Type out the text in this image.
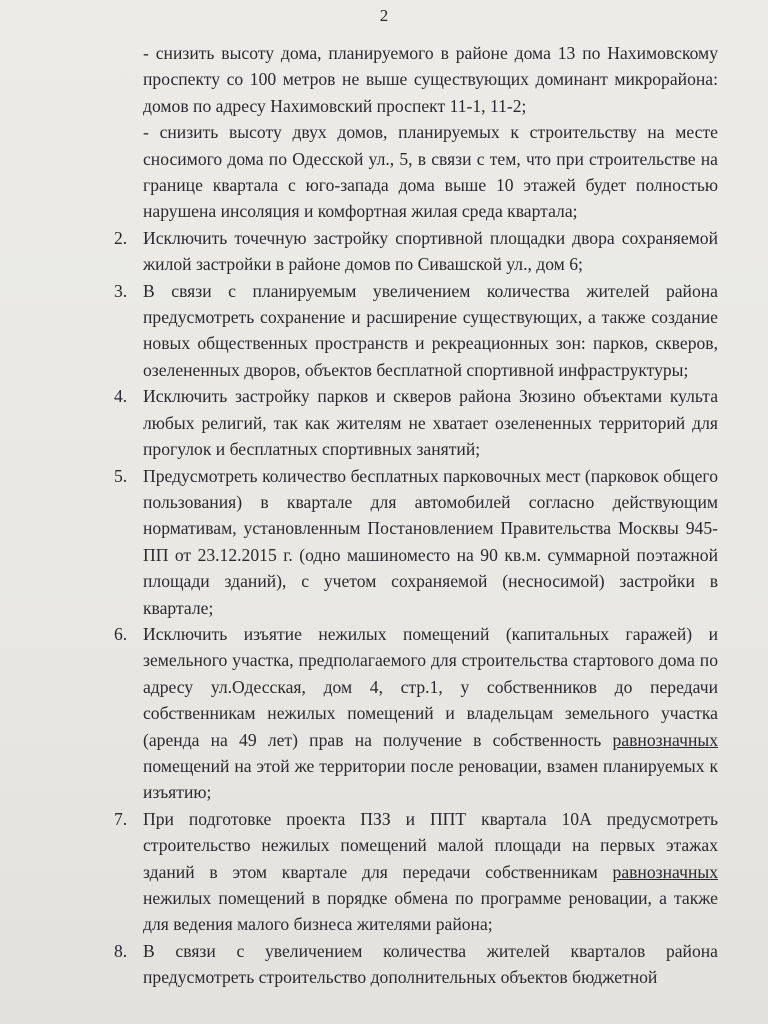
2

- снизить высоту дома, планируемого в районе дома 13 по Нахимовскому проспекту со 100 метров не выше существующих доминант микрорайона: домов по адресу Нахимовский проспект 11-1, 11-2;

- снизить высоту двух домов, планируемых к строительству на месте сносимого дома по Одесской ул., 5, в связи с тем, что при строительстве на границе квартала с юго-запада дома выше 10 этажей будет полностью нарушена инсоляция и комфортная жилая среда квартала;

2. Исключить точечную застройку спортивной площадки двора сохраняемой жилой застройки в районе домов по Сивашской ул., дом 6;
3. В связи с планируемым увеличением количества жителей района предусмотреть сохранение и расширение существующих, а также создание новых общественных пространств и рекреационных зон: парков, скверов, озелененных дворов, объектов бесплатной спортивной инфраструктуры;
4. Исключить застройку парков и скверов района Зюзино объектами культа любых религий, так как жителям не хватает озелененных территорий для прогулок и бесплатных спортивных занятий;
5. Предусмотреть количество бесплатных парковочных мест (парковок общего пользования) в квартале для автомобилей согласно действующим нормативам, установленным Постановлением Правительства Москвы 945-ПП от 23.12.2015 г. (одно машиноместо на 90 кв.м. суммарной поэтажной площади зданий), с учетом сохраняемой (несносимой) застройки в квартале;
6. Исключить изъятие нежилых помещений (капитальных гаражей) и земельного участка, предполагаемого для строительства стартового дома по адресу ул.Одесская, дом 4, стр.1, у собственников до передачи собственникам нежилых помещений и владельцам земельного участка (аренда на 49 лет) прав на получение в собственность равнозначных помещений на этой же территории после реновации, взамен планируемых к изъятию;
7. При подготовке проекта ПЗЗ и ППТ квартала 10А предусмотреть строительство нежилых помещений малой площади на первых этажах зданий в этом квартале для передачи собственникам равнозначных нежилых помещений в порядке обмена по программе реновации, а также для ведения малого бизнеса жителями района;
8. В связи с увеличением количества жителей кварталов района предусмотреть строительство дополнительных объектов бюджетной
